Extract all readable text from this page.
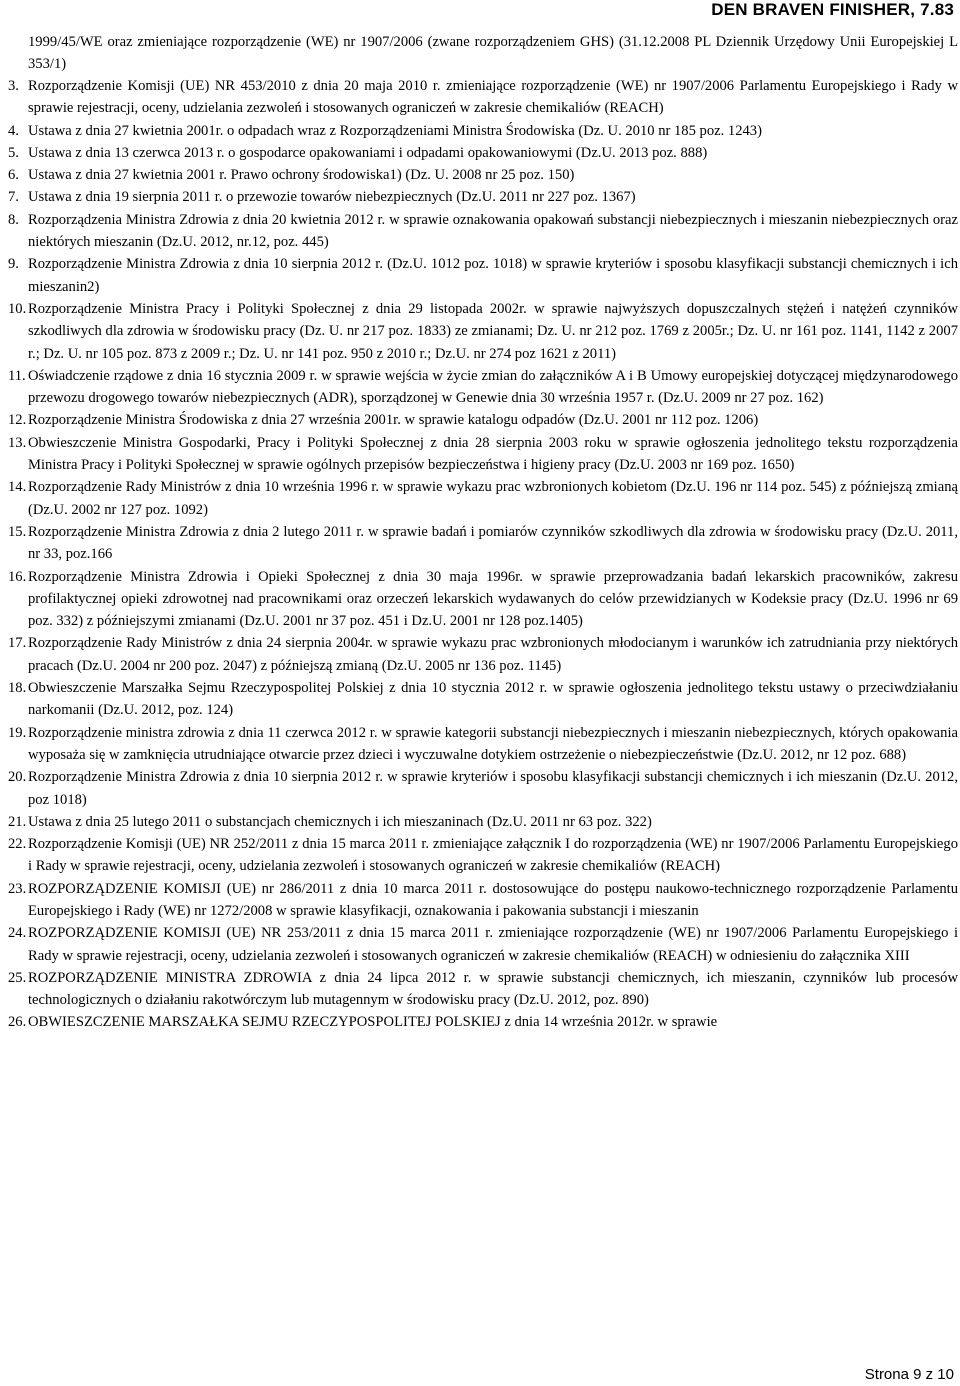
DEN BRAVEN FINISHER, 7.83
1999/45/WE oraz zmieniające rozporządzenie (WE) nr 1907/2006 (zwane rozporządzeniem GHS) (31.12.2008 PL Dziennik Urzędowy Unii Europejskiej L 353/1)
3. Rozporządzenie Komisji (UE) NR 453/2010 z dnia 20 maja 2010 r. zmieniające rozporządzenie (WE) nr 1907/2006 Parlamentu Europejskiego i Rady w sprawie rejestracji, oceny, udzielania zezwoleń i stosowanych ograniczeń w zakresie chemikaliów (REACH)
4. Ustawa z dnia 27 kwietnia 2001r. o odpadach wraz z Rozporządzeniami Ministra Środowiska (Dz. U. 2010 nr 185 poz. 1243)
5. Ustawa z dnia 13 czerwca 2013 r. o gospodarce opakowaniami i odpadami opakowaniowymi (Dz.U. 2013 poz. 888)
6. Ustawa z dnia 27 kwietnia 2001 r. Prawo ochrony środowiska1) (Dz. U. 2008 nr 25 poz. 150)
7. Ustawa z dnia 19 sierpnia 2011 r. o przewozie towarów niebezpiecznych (Dz.U. 2011 nr 227 poz. 1367)
8. Rozporządzenia Ministra Zdrowia z dnia 20 kwietnia 2012 r. w sprawie oznakowania opakowań substancji niebezpiecznych i mieszanin niebezpiecznych oraz niektórych mieszanin (Dz.U. 2012, nr.12, poz. 445)
9. Rozporządzenie Ministra Zdrowia z dnia 10 sierpnia 2012 r. (Dz.U. 1012 poz. 1018) w sprawie kryteriów i sposobu klasyfikacji substancji chemicznych i ich mieszanin2)
10. Rozporządzenie Ministra Pracy i Polityki Społecznej z dnia 29 listopada 2002r. w sprawie najwyższych dopuszczalnych stężeń i natężeń czynników szkodliwych dla zdrowia w środowisku pracy (Dz. U. nr 217 poz. 1833) ze zmianami; Dz. U. nr 212 poz. 1769 z 2005r.; Dz. U. nr 161 poz. 1141, 1142 z 2007 r.; Dz. U. nr 105 poz. 873 z 2009 r.; Dz. U. nr 141 poz. 950 z 2010 r.; Dz.U. nr 274 poz 1621 z 2011)
11. Oświadczenie rządowe z dnia 16 stycznia 2009 r. w sprawie wejścia w życie zmian do załączników A i B Umowy europejskiej dotyczącej międzynarodowego przewozu drogowego towarów niebezpiecznych (ADR), sporządzonej w Genewie dnia 30 września 1957 r. (Dz.U. 2009 nr 27 poz. 162)
12. Rozporządzenie Ministra Środowiska z dnia 27 września 2001r. w sprawie katalogu odpadów (Dz.U. 2001 nr 112 poz. 1206)
13. Obwieszczenie Ministra Gospodarki, Pracy i Polityki Społecznej z dnia 28 sierpnia 2003 roku w sprawie ogłoszenia jednolitego tekstu rozporządzenia Ministra Pracy i Polityki Społecznej w sprawie ogólnych przepisów bezpieczeństwa i higieny pracy (Dz.U. 2003 nr 169 poz. 1650)
14. Rozporządzenie Rady Ministrów z dnia 10 września 1996 r. w sprawie wykazu prac wzbronionych kobietom (Dz.U. 196 nr 114 poz. 545) z późniejszą zmianą (Dz.U. 2002 nr 127 poz. 1092)
15. Rozporządzenie Ministra Zdrowia z dnia 2 lutego 2011 r. w sprawie badań i pomiarów czynników szkodliwych dla zdrowia w środowisku pracy (Dz.U. 2011, nr 33, poz.166
16. Rozporządzenie Ministra Zdrowia i Opieki Społecznej z dnia 30 maja 1996r. w sprawie przeprowadzania badań lekarskich pracowników, zakresu profilaktycznej opieki zdrowotnej nad pracownikami oraz orzeczeń lekarskich wydawanych do celów przewidzianych w Kodeksie pracy (Dz.U. 1996 nr 69 poz. 332) z późniejszymi zmianami (Dz.U. 2001 nr 37 poz. 451 i Dz.U. 2001 nr 128 poz.1405)
17. Rozporządzenie Rady Ministrów z dnia 24 sierpnia 2004r. w sprawie wykazu prac wzbronionych młodocianym i warunków ich zatrudniania przy niektórych pracach (Dz.U. 2004 nr 200 poz. 2047) z późniejszą zmianą (Dz.U. 2005 nr 136 poz. 1145)
18. Obwieszczenie Marszałka Sejmu Rzeczypospolitej Polskiej z dnia 10 stycznia 2012 r. w sprawie ogłoszenia jednolitego tekstu ustawy o przeciwdziałaniu narkomanii (Dz.U. 2012, poz. 124)
19. Rozporządzenie ministra zdrowia z dnia 11 czerwca 2012 r. w sprawie kategorii substancji niebezpiecznych i mieszanin niebezpiecznych, których opakowania wyposaża się w zamknięcia utrudniające otwarcie przez dzieci i wyczuwalne dotykiem ostrzeżenie o niebezpieczeństwie (Dz.U. 2012, nr 12 poz. 688)
20. Rozporządzenie Ministra Zdrowia z dnia 10 sierpnia 2012 r. w sprawie kryteriów i sposobu klasyfikacji substancji chemicznych i ich mieszanin (Dz.U. 2012, poz 1018)
21. Ustawa z dnia 25 lutego 2011 o substancjach chemicznych i ich mieszaninach (Dz.U. 2011 nr 63 poz. 322)
22. Rozporządzenie Komisji (UE) NR 252/2011 z dnia 15 marca 2011 r. zmieniające załącznik I do rozporządzenia (WE) nr 1907/2006 Parlamentu Europejskiego i Rady w sprawie rejestracji, oceny, udzielania zezwoleń i stosowanych ograniczeń w zakresie chemikaliów (REACH)
23. ROZPORZĄDZENIE KOMISJI (UE) nr 286/2011 z dnia 10 marca 2011 r. dostosowujące do postępu naukowo-technicznego rozporządzenie Parlamentu Europejskiego i Rady (WE) nr 1272/2008 w sprawie klasyfikacji, oznakowania i pakowania substancji i mieszanin
24. ROZPORZĄDZENIE KOMISJI (UE) NR 253/2011 z dnia 15 marca 2011 r. zmieniające rozporządzenie (WE) nr 1907/2006 Parlamentu Europejskiego i Rady w sprawie rejestracji, oceny, udzielania zezwoleń i stosowanych ograniczeń w zakresie chemikaliów (REACH) w odniesieniu do załącznika XIII
25. ROZPORZĄDZENIE MINISTRA ZDROWIA z dnia 24 lipca 2012 r. w sprawie substancji chemicznych, ich mieszanin, czynników lub procesów technologicznych o działaniu rakotwórczym lub mutagennym w środowisku pracy (Dz.U. 2012, poz. 890)
26. OBWIESZCZENIE MARSZAŁKA SEJMU RZECZYPOSPOLITEJ POLSKIEJ z dnia 14 września 2012r. w sprawie
Strona 9 z 10
